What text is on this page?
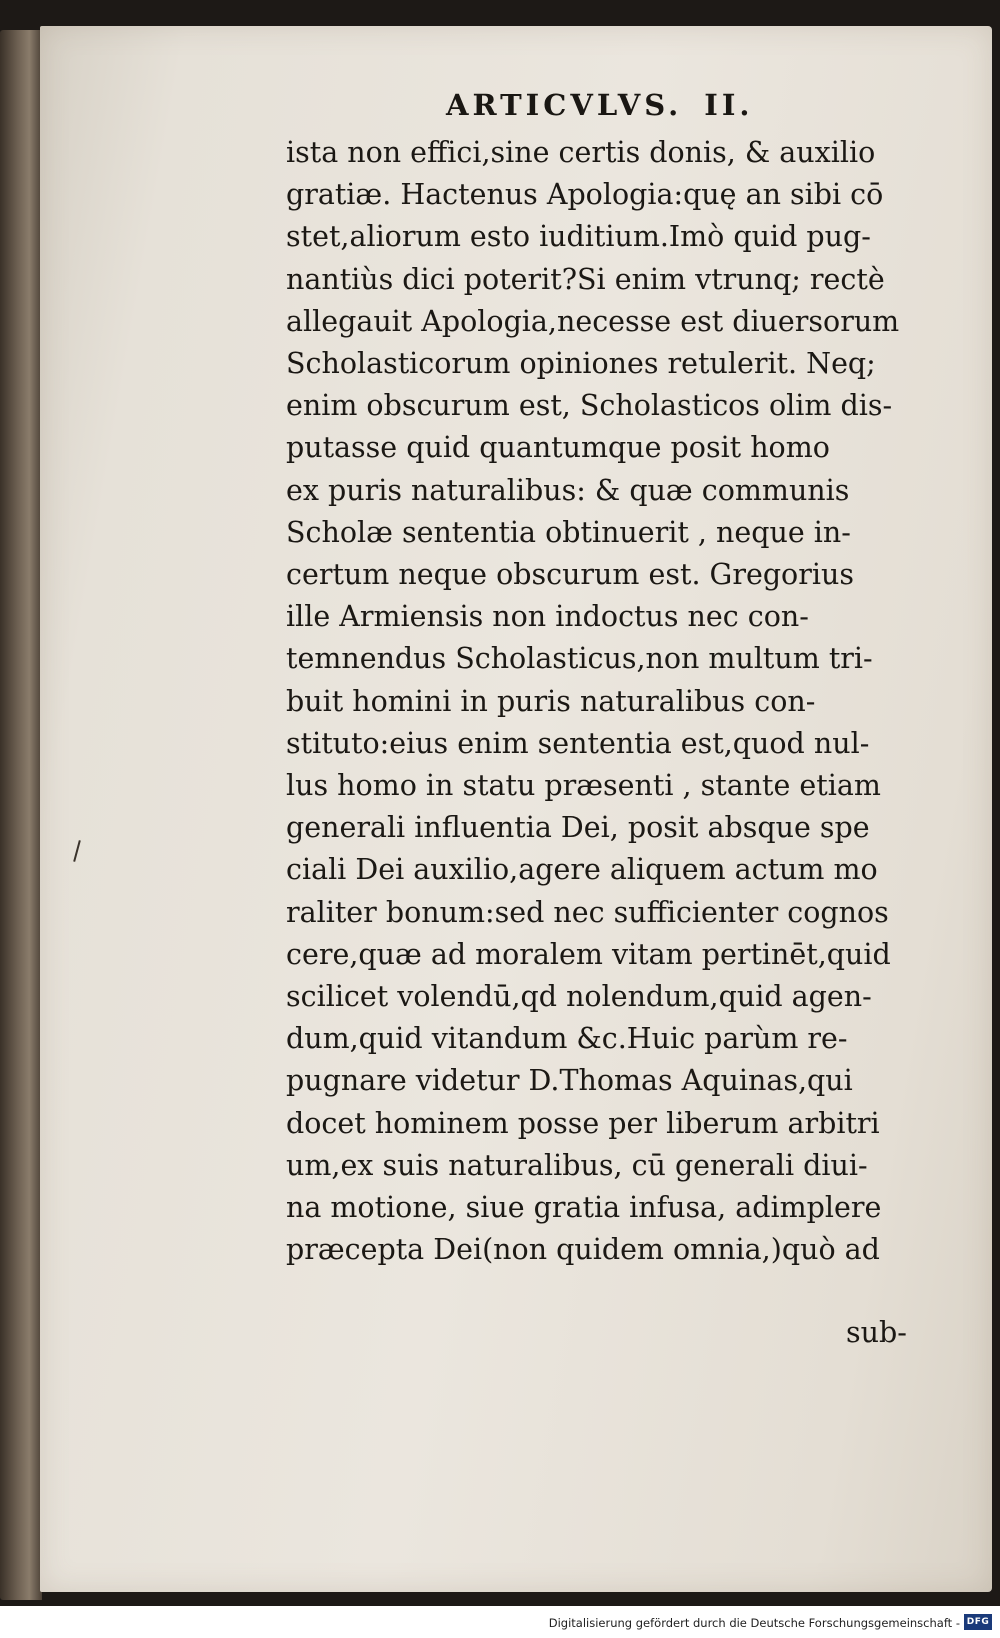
ARTICVLVS. II.
ista non effici,sine certis donis, & auxilio
gratiæ. Hactenus Apologia:quę an sibi cō
stet,aliorum esto iuditium.Imò quid pug-
nantiùs dici poterit?Si enim vtrunq; rectè
allegauit Apologia,necesse est diuersorum
Scholasticorum opiniones retulerit. Neq;
enim obscurum est, Scholasticos olim dis-
putasse quid quantumque posit homo
ex puris naturalibus: & quæ communis
Scholæ sententia obtinuerit , neque in-
certum neque obscurum est. Gregorius
ille Armiensis non indoctus nec con-
temnendus Scholasticus,non multum tri-
buit homini in puris naturalibus con-
stituto:eius enim sententia est,quod nul-
lus homo in statu præsenti , stante etiam
generali influentia Dei, posit absque spe
ciali Dei auxilio,agere aliquem actum mo
raliter bonum:sed nec sufficienter cognos
cere,quæ ad moralem vitam pertinēt,quid
scilicet volendū,qd nolendum,quid agen-
dum,quid vitandum &c.Huic parùm re-
pugnare videtur D.Thomas Aquinas,qui
docet hominem posse per liberum arbitri
um,ex suis naturalibus, cū generali diui-
na motione, siue gratia infusa, adimplere
præcepta Dei(non quidem omnia,)quò ad
sub-
Digitalisierung gefördert durch die Deutsche Forschungsgemeinschaft - DFG
